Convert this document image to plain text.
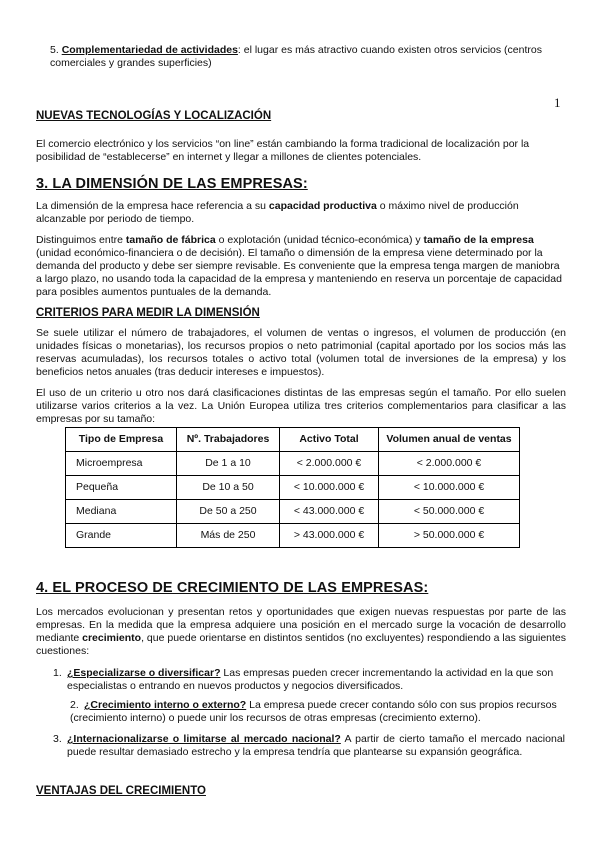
5. Complementariedad de actividades: el lugar es más atractivo cuando existen otros servicios (centros comerciales y grandes superficies)

1
NUEVAS TECNOLOGÍAS Y LOCALIZACIÓN

El comercio electrónico y los servicios “on line” están cambiando la forma tradicional de localización por la posibilidad de “establecerse” en internet y llegar a millones de clientes potenciales.

3. LA DIMENSIÓN DE LAS EMPRESAS:

La dimensión de la empresa hace referencia a su capacidad productiva o máximo nivel de producción alcanzable por periodo de tiempo.

Distinguimos entre tamaño de fábrica o explotación (unidad técnico-económica) y tamaño de la empresa (unidad económico-financiera o de decisión). El tamaño o dimensión de la empresa viene determinado por la demanda del producto y debe ser siempre revisable. Es conveniente que la empresa tenga margen de maniobra a largo plazo, no usando toda la capacidad de la empresa y manteniendo en reserva un porcentaje de capacidad para posibles aumentos puntuales de la demanda.

CRITERIOS PARA MEDIR LA DIMENSIÓN

Se suele utilizar el número de trabajadores, el volumen de ventas o ingresos, el volumen de producción (en unidades físicas o monetarias), los recursos propios o neto patrimonial (capital aportado por los socios más las reservas acumuladas), los recursos totales o activo total (volumen total de inversiones de la empresa) y los beneficios netos anuales (tras deducir intereses e impuestos).

El uso de un criterio u otro nos dará clasificaciones distintas de las empresas según el tamaño. Por ello suelen utilizarse varios criterios a la vez. La Unión Europea utiliza tres criterios complementarios para clasificar a las empresas por su tamaño:

Tipo de Empresa	Nº. Trabajadores	Activo Total	Volumen anual de ventas
Microempresa	De 1 a 10	< 2.000.000 €	< 2.000.000 €
Pequeña	De 10 a 50	< 10.000.000 €	< 10.000.000 €
Mediana	De 50 a 250	< 43.000.000 €	< 50.000.000 €
Grande	Más de 250	> 43.000.000 €	> 50.000.000 €
4. EL PROCESO DE CRECIMIENTO DE LAS EMPRESAS:

Los mercados evolucionan y presentan retos y oportunidades que exigen nuevas respuestas por parte de las empresas. En la medida que la empresa adquiere una posición en el mercado surge la vocación de desarrollo mediante crecimiento, que puede orientarse en distintos sentidos (no excluyentes) respondiendo a las siguientes cuestiones:

1. ¿Especializarse o diversificar? Las empresas pueden crecer incrementando la actividad en la que son especialistas o entrando en nuevos productos y negocios diversificados.
2. ¿Crecimiento interno o externo? La empresa puede crecer contando sólo con sus propios recursos (crecimiento interno) o puede unir los recursos de otras empresas (crecimiento externo).
3. ¿Internacionalizarse o limitarse al mercado nacional? A partir de cierto tamaño el mercado nacional puede resultar demasiado estrecho y la empresa tendría que plantearse su expansión geográfica.
VENTAJAS DEL CRECIMIENTO
